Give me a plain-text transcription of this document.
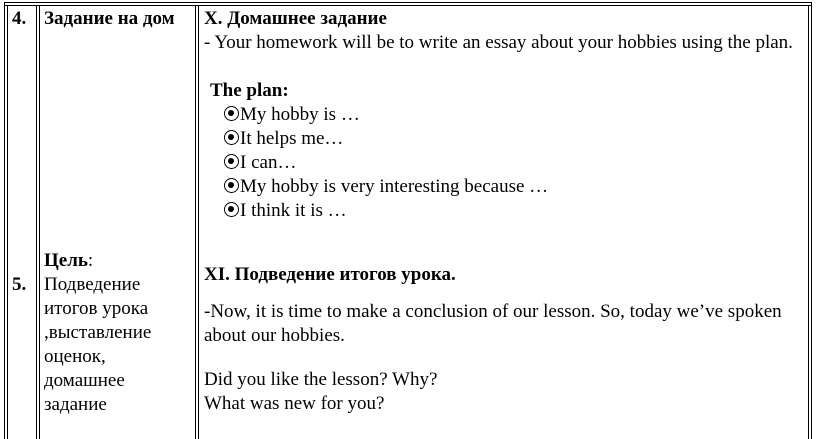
4. Задание на дом X. Домашнее задание
- Your homework will be to write an essay about your hobbies using the plan.
The plan:
My hobby is …
It helps me…
I can…
My hobby is very interesting because …
I think it is …
5.
Цель:
Подведение
итогов урока
,выставление
оценок,
домашнее
задание
XI. Подведение итогов урока.
-Now, it is time to make a conclusion of our lesson. So, today we’ve spoken about our hobbies.
Did you like the lesson? Why?
What was new for you?
